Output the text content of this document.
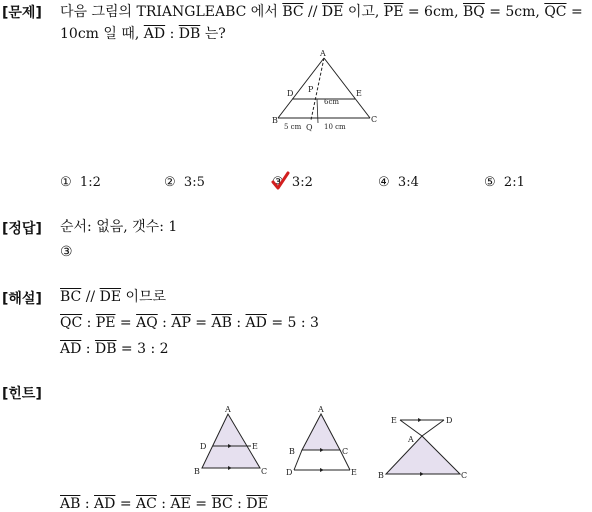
[문제] 다음 그림의 TRIANGLEABC 에서 $\overline{BC} // \overline{DE}$ 이고, $\overline{PE} = 6cm$, $\overline{BQ} = 5cm$, $\overline{QC}$ =
10cm 일 때, $\overline{AD}$ : $\overline{DB}$ 는?
A
B	C
D	E
P
Q
6cm
5 cm	10 cm
① 1:2	② 3:5	③ 3:2	④ 3:4	⑤ 2:1
[정답] 순서: 없음, 갯수: 1
③
[해설] $\overline{BC} // \overline{DE}$ 이므로
$\overline{QC}$ : $\overline{PE} = \overline{AQ}$ : $\overline{AP} = \overline{AB}$ : $\overline{AD} = 5$ : 3
$\overline{AD}$ : $\overline{DB} = 3$ : 2
[힌트]
A
D	E
B	C
A
B	C
D	E
E	D
A
B	C
$\overline{AB}$ : $\overline{AD} = \overline{AC}$ : $\overline{AE} = \overline{BC}$ : $\overline{DE}$
